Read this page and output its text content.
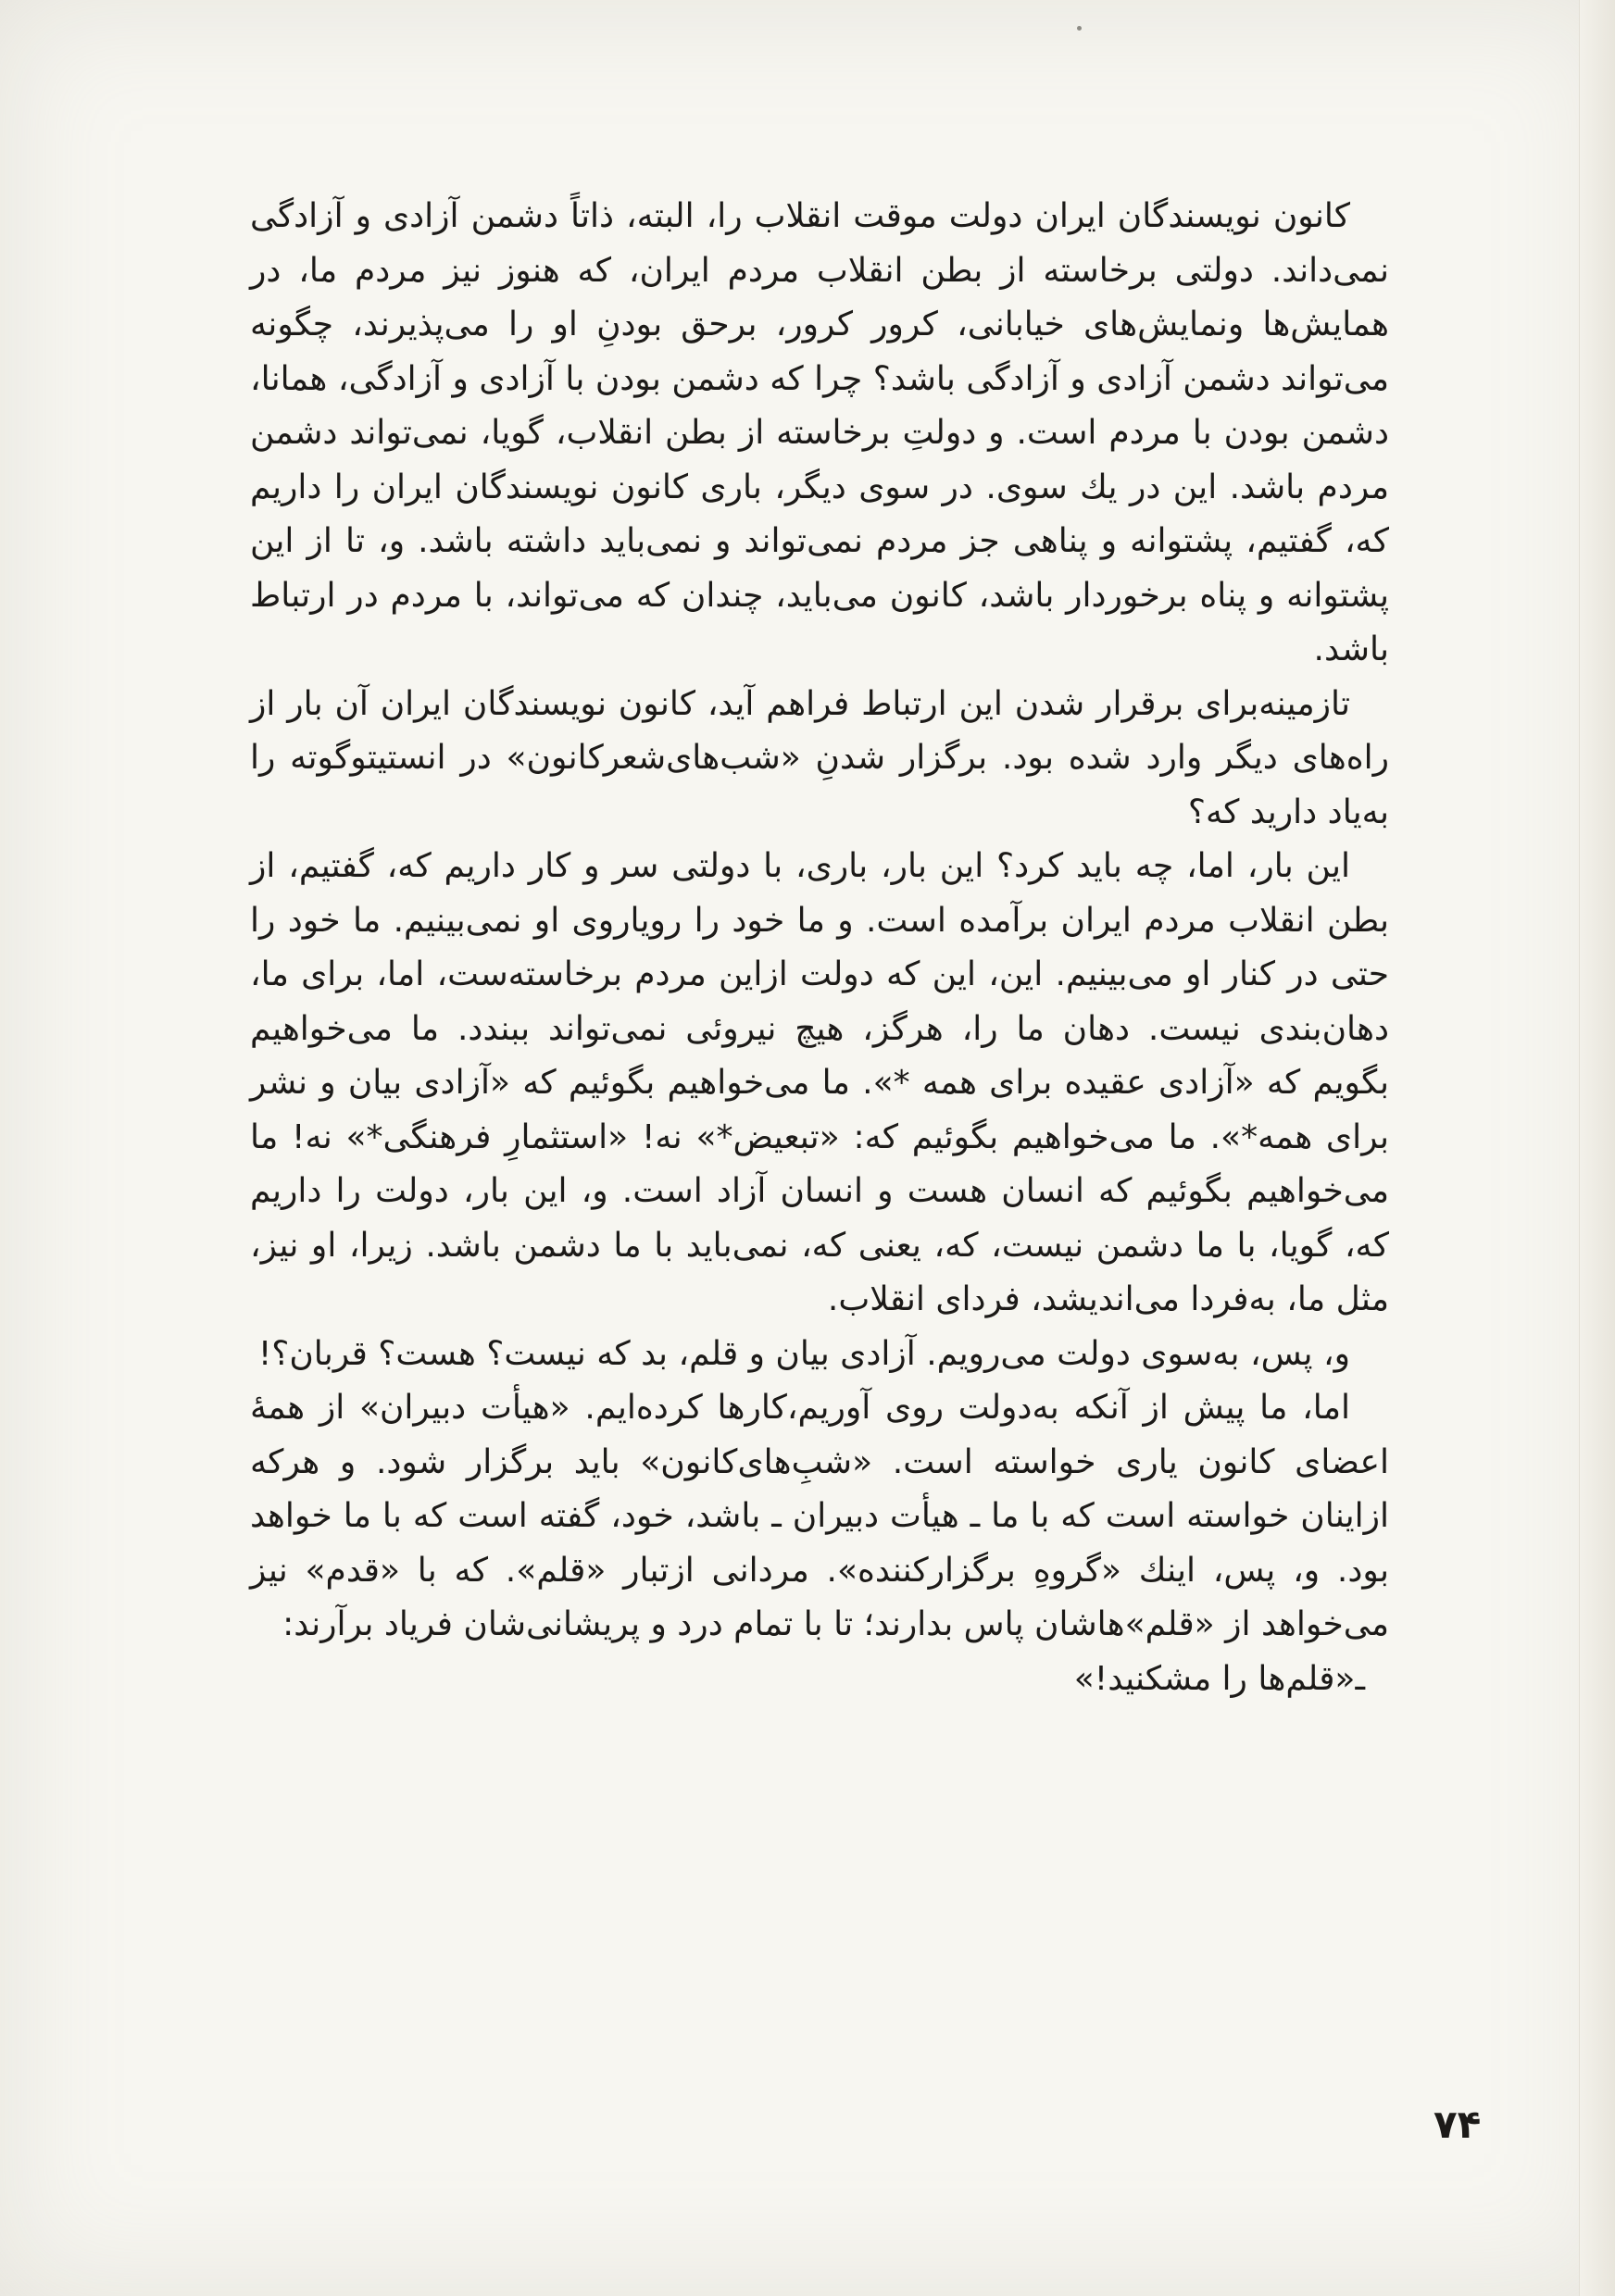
کانون نویسندگان ایران دولت موقت انقلاب را، البته، ذاتاً دشمن آزادی و آزادگی نمی‌داند. دولتی برخاسته از بطن انقلاب مردم ایران، که هنوز نیز مردم ما، در همایش‌ها ونمایش‌های خیابانی، کرور کرور، برحق بودنِ او را می‌پذیرند، چگونه می‌تواند دشمن آزادی و آزادگی باشد؟ چرا که دشمن بودن با آزادی و آزادگی، همانا، دشمن بودن با مردم است. و دولتِ برخاسته از بطن انقلاب، گویا، نمی‌تواند دشمن مردم باشد. این در یك سوی. در سوی دیگر، باری کانون نویسندگان ایران را داریم که، گفتیم، پشتوانه و پناهی جز مردم نمی‌تواند و نمی‌باید داشته باشد. و، تا از این پشتوانه و پناه برخوردار باشد، کانون می‌باید، چندان که می‌تواند، با مردم در ارتباط باشد.

تازمینه‌برای برقرار شدن این ارتباط فراهم آید، کانون نویسندگان ایران آن بار از راه‌های دیگر وارد شده بود. برگزار شدنِ «شب‌های‌شعرکانون» در انستیتوگوته را به‌یاد دارید که؟

این بار، اما، چه باید کرد؟ این بار، باری، با دولتی سر و کار داریم که، گفتیم، از بطن انقلاب مردم ایران برآمده است. و ما خود را رویاروی او نمی‌بینیم. ما خود را حتی در کنار او می‌بینیم. این، این که دولت ازاین مردم برخاسته‌ست، اما، برای ما، دهان‌بندی نیست. دهان ما را، هرگز، هیچ نیروئی نمی‌تواند ببندد. ما می‌خواهیم بگویم که «آزادی عقیده برای همه *». ما می‌خواهیم بگوئیم که «آزادی بیان و نشر برای همه*». ما می‌خواهیم بگوئیم که: «تبعیض*» نه! «استثمارِ فرهنگی*» نه! ما می‌خواهیم بگوئیم که انسان هست و انسان آزاد است. و، این بار، دولت را داریم که، گویا، با ما دشمن نیست، که، یعنی که، نمی‌باید با ما دشمن باشد. زیرا، او نیز، مثل ما، به‌فردا می‌اندیشد، فردای انقلاب.

و، پس، به‌سوی دولت می‌رویم. آزادی بیان و قلم، بد که نیست؟ هست؟ قربان؟!

اما، ما پیش از آنکه به‌دولت روی آوریم،کارها کرده‌ایم. «هیأت دبیران» از همهٔ اعضای کانون یاری خواسته است. «شبِ‌های‌کانون» باید برگزار شود. و هرکه ازاینان خواسته است که با ما ـ هیأت دبیران ـ باشد، خود، گفته است که با ما خواهد بود. و، پس، اینك «گروهِ برگزارکننده». مردانی ازتبار «قلم». که با «قدم» نیز می‌خواهد از «قلم»هاشان پاس بدارند؛ تا با تمام درد و پریشانی‌شان فریاد برآرند:

ـ«قلم‌ها را مشکنید!»

۷۴
